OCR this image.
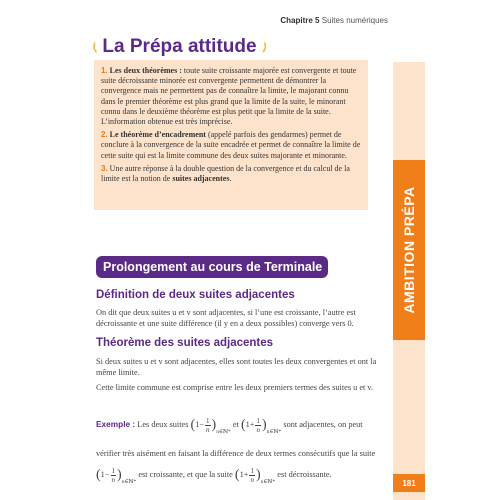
Chapitre 5 Suites numériques
AMBITION PRÉPA
181
La Prépa attitude

1. Les deux théorèmes : toute suite croissante majorée est convergente et toute suite décroissante minorée est convergente permettent de démontrer la convergence mais ne permettent pas de connaître la limite, le majorant connu dans le premier théorème est plus grand que la limite de la suite, le minorant connu dans le deuxième théorème est plus petit que la limite de la suite. L’information obtenue est très imprécise.

2. Le théorème d’encadrement (appelé parfois des gendarmes) permet de conclure à la convergence de la suite encadrée et permet de connaître la limite de cette suite qui est la limite commune des deux suites majorante et minorante.

3. Une autre réponse à la double question de la convergence et du calcul de la limite est la notion de suites adjacentes.

Prolongement au cours de Terminale
Définition de deux suites adjacentes
On dit que deux suites u et v sont adjacentes, si l’une est croissante, l’autre est décroissante et une suite différence (il y en a deux possibles) converge vers 0.
Théorème des suites adjacentes

Si deux suites u et v sont adjacentes, elles sont toutes les deux convergentes et ont la même limite.

Cette limite commune est comprise entre les deux premiers termes des suites u et v.

Exemple : Les deux suites $(1-\frac{1}{n} )_{n\in ℕ*}$ et $(1+\frac{1}{n} )_{n\in ℕ*}$ sont adjacentes, on peut vérifier très aisément en faisant la différence de deux termes consécutifs que la suite $(1-\frac{1}{n} )_{n\in ℕ*}$ est croissante, et que la suite $(1+\frac{1}{n} )_{n\in ℕ*}$ est décroissante.
